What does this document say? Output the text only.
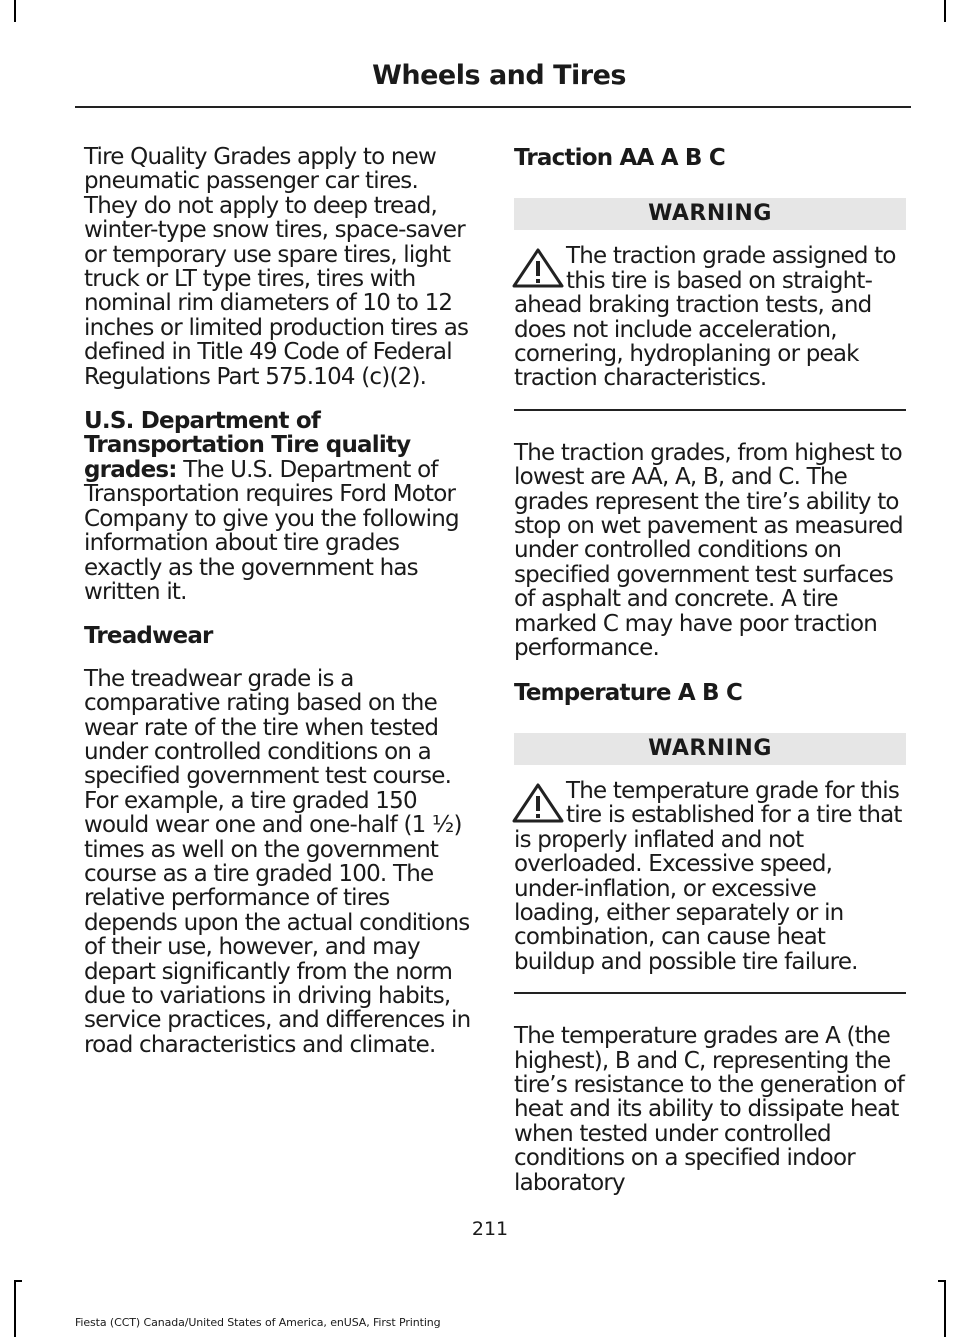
Wheels and Tires

Tire Quality Grades apply to new pneumatic passenger car tires. They do not apply to deep tread, winter-type snow tires, space-saver or temporary use spare tires, light truck or LT type tires, tires with nominal rim diameters of 10 to 12 inches or limited production tires as defined in Title 49 Code of Federal Regulations Part 575.104 (c)(2).

U.S. Department of Transportation Tire quality grades: The U.S. Department of Transportation requires Ford Motor Company to give you the following information about tire grades exactly as the government has written it.

Treadwear

The treadwear grade is a comparative rating based on the wear rate of the tire when tested under controlled conditions on a specified government test course. For example, a tire graded 150 would wear one and one-half (1 ½) times as well on the government course as a tire graded 100. The relative performance of tires depends upon the actual conditions of their use, however, and may depart significantly from the norm due to variations in driving habits, service practices, and differences in road characteristics and climate.

Traction AA A B C
WARNING
The traction grade assigned to this tire is based on straight-ahead braking traction tests, and does not include acceleration, cornering, hydroplaning or peak traction characteristics.

The traction grades, from highest to lowest are AA, A, B, and C. The grades represent the tire’s ability to stop on wet pavement as measured under controlled conditions on specified government test surfaces of asphalt and concrete. A tire marked C may have poor traction performance.

Temperature A B C
WARNING
The temperature grade for this tire is established for a tire that is properly inflated and not overloaded. Excessive speed, under-inflation, or excessive loading, either separately or in combination, can cause heat buildup and possible tire failure.

The temperature grades are A (the highest), B and C, representing the tire’s resistance to the generation of heat and its ability to dissipate heat when tested under controlled conditions on a specified indoor laboratory

211
Fiesta (CCT) Canada/United States of America, enUSA, First Printing
